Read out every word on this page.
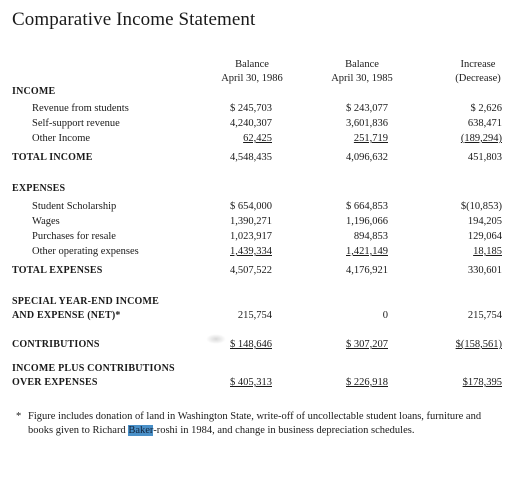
Comparative Income Statement
Balance
April 30, 1986
Balance
April 30, 1985
Increase
(Decrease)
INCOME
Revenue from students	$ 245,703	$ 243,077	$ 2,626
Self-support revenue	4,240,307	3,601,836	638,471
Other Income	62,425	251,719	(189,294)
TOTAL INCOME	4,548,435	4,096,632	451,803
EXPENSES
Student Scholarship	$ 654,000	$ 664,853	$(10,853)
Wages	1,390,271	1,196,066	194,205
Purchases for resale	1,023,917	894,853	129,064
Other operating expenses	1,439,334	1,421,149	18,185
TOTAL EXPENSES	4,507,522	4,176,921	330,601
SPECIAL YEAR-END INCOME
AND EXPENSE (NET)*	215,754	0	215,754
CONTRIBUTIONS	$ 148,646	$ 307,207	$(158,561)
INCOME PLUS CONTRIBUTIONS
OVER EXPENSES	$ 405,313	$ 226,918	$178,395
* Figure includes donation of land in Washington State, write-off of uncollectable student loans, furniture and books given to Richard Baker-roshi in 1984, and change in business depreciation schedules.
